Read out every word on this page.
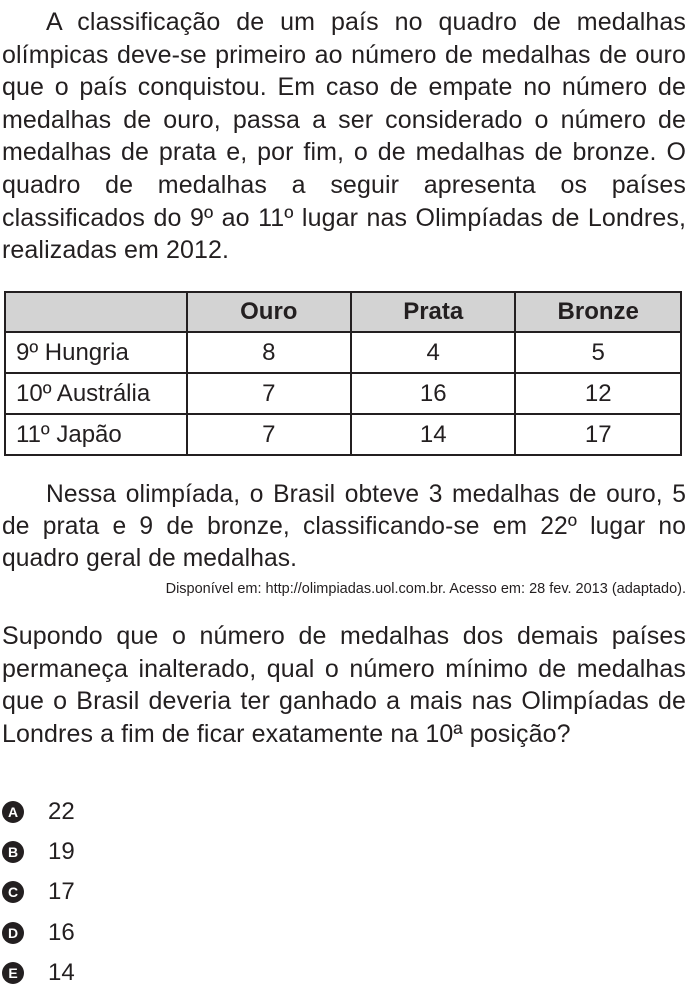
A classificação de um país no quadro de medalhas olímpicas deve-se primeiro ao número de medalhas de ouro que o país conquistou. Em caso de empate no número de medalhas de ouro, passa a ser considerado o número de medalhas de prata e, por fim, o de medalhas de bronze. O quadro de medalhas a seguir apresenta os países classificados do 9º ao 11º lugar nas Olimpíadas de Londres, realizadas em 2012.

	Ouro	Prata	Bronze
9º Hungria	8	4	5
10º Austrália	7	16	12
11º Japão	7	14	17

Nessa olimpíada, o Brasil obteve 3 medalhas de ouro, 5 de prata e 9 de bronze, classificando-se em 22º lugar no quadro geral de medalhas.

Disponível em: http://olimpiadas.uol.com.br. Acesso em: 28 fev. 2013 (adaptado).

Supondo que o número de medalhas dos demais países permaneça inalterado, qual o número mínimo de medalhas que o Brasil deveria ter ganhado a mais nas Olimpíadas de Londres a fim de ficar exatamente na 10ª posição?

A 22
B 19
C 17
D 16
E 14
